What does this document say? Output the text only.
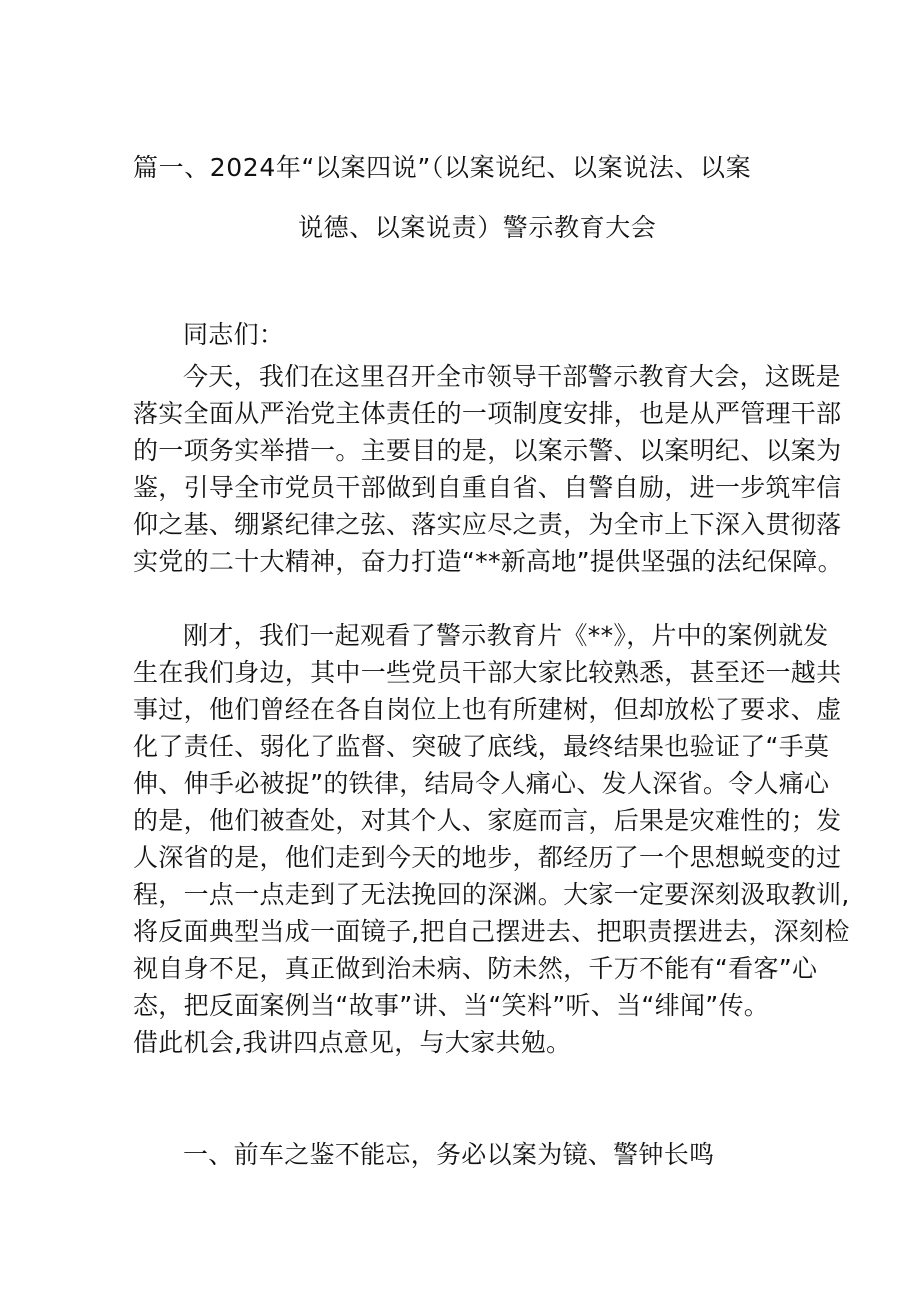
篇一、2024年“以案四说”（以案说纪、以案说法、以案
说德、以案说责）警示教育大会
同志们：
今天，我们在这里召开全市领导干部警示教育大会，这既是
落实全面从严治党主体责任的一项制度安排，也是从严管理干部
的一项务实举措一。主要目的是，以案示警、以案明纪、以案为
鉴，引导全市党员干部做到自重自省、自警自励，进一步筑牢信
仰之基、绷紧纪律之弦、落实应尽之责，为全市上下深入贯彻落
实党的二十大精神，奋力打造“**新高地”提供坚强的法纪保障。
刚才，我们一起观看了警示教育片《**》，片中的案例就发
生在我们身边，其中一些党员干部大家比较熟悉，甚至还一越共
事过，他们曾经在各自岗位上也有所建树，但却放松了要求、虚
化了责任、弱化了监督、突破了底线，最终结果也验证了“手莫
伸、伸手必被捉”的铁律，结局令人痛心、发人深省。令人痛心
的是，他们被查处，对其个人、家庭而言，后果是灾难性的；发
人深省的是，他们走到今天的地步，都经历了一个思想蜕变的过
程，一点一点走到了无法挽回的深渊。大家一定要深刻汲取教训,
将反面典型当成一面镜子,把自己摆进去、把职责摆进去，深刻检
视自身不足，真正做到治未病、防未然，千万不能有“看客”心
态，把反面案例当“故事”讲、当“笑料”听、当“绯闻”传。
借此机会,我讲四点意见，与大家共勉。
一、前车之鉴不能忘，务必以案为镜、警钟长鸣
